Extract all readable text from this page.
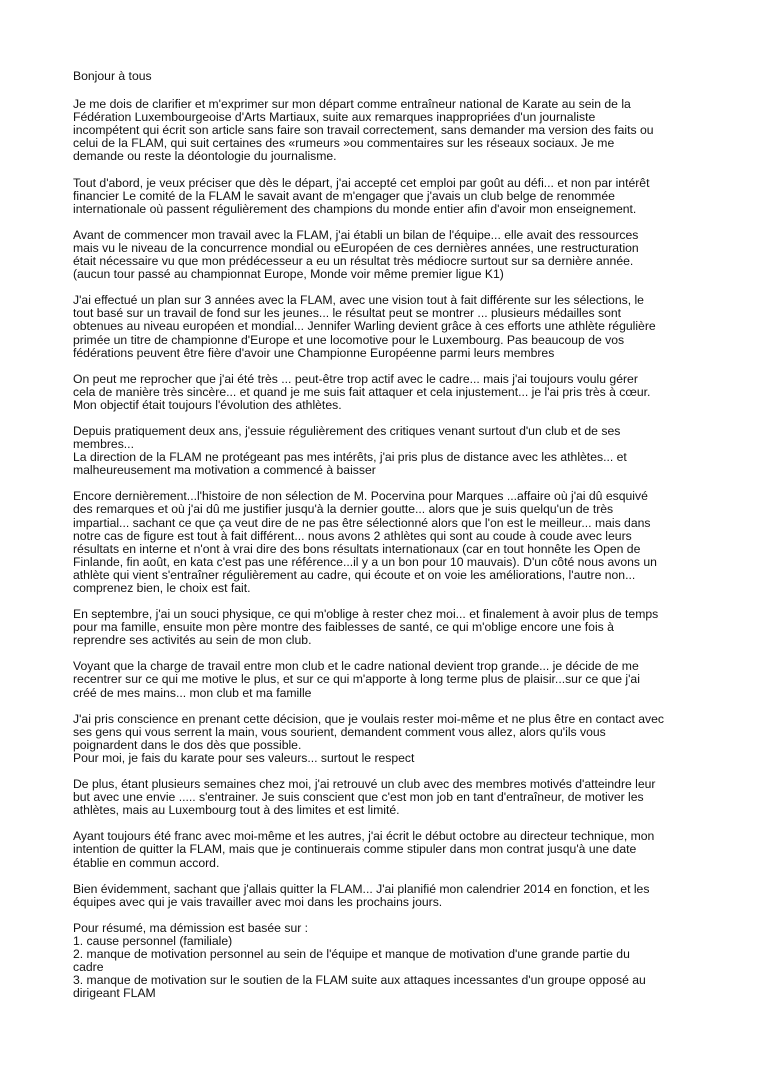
Bonjour à tous

Je me dois de clarifier et m'exprimer sur mon départ comme entraîneur national de Karate au sein de la
Fédération Luxembourgeoise d'Arts Martiaux, suite aux remarques inappropriées d'un journaliste
incompétent qui écrit son article sans faire son travail correctement, sans demander ma version des faits ou
celui de la FLAM, qui suit certaines des «rumeurs »ou commentaires sur les réseaux sociaux. Je me
demande ou reste la déontologie du journalisme.

Tout d'abord, je veux préciser que dès le départ, j'ai accepté cet emploi par goût au défi... et non par intérêt
financier Le comité de la FLAM le savait avant de m'engager que j'avais un club belge de renommée
internationale où passent régulièrement des champions du monde entier afin d'avoir mon enseignement.

Avant de commencer mon travail avec la FLAM, j'ai établi un bilan de l'équipe... elle avait des ressources
mais vu le niveau de la concurrence mondial ou eEuropéen de ces dernières années, une restructuration
était nécessaire vu que mon prédécesseur a eu un résultat très médiocre surtout sur sa dernière année.
(aucun tour passé au championnat Europe, Monde voir même premier ligue K1)

J'ai effectué un plan sur 3 années avec la FLAM, avec une vision tout à fait différente sur les sélections, le
tout basé sur un travail de fond sur les jeunes... le résultat peut se montrer ... plusieurs médailles sont
obtenues au niveau européen et mondial... Jennifer Warling devient grâce à ces efforts une athlète régulière
primée un titre de championne d'Europe et une locomotive pour le Luxembourg. Pas beaucoup de vos
fédérations peuvent être fière d'avoir une Championne Européenne parmi leurs membres

On peut me reprocher que j'ai été très ... peut-être trop actif avec le cadre... mais j'ai toujours voulu gérer
cela de manière très sincère... et quand je me suis fait attaquer et cela injustement... je l'ai pris très à cœur.
Mon objectif était toujours l'évolution des athlètes.

Depuis pratiquement deux ans, j'essuie régulièrement des critiques venant surtout d'un club et de ses
membres...
La direction de la FLAM ne protégeant pas mes intérêts, j'ai pris plus de distance avec les athlètes... et
malheureusement ma motivation a commencé à baisser

Encore dernièrement...l'histoire de non sélection de M. Pocervina pour Marques ...affaire où j'ai dû esquivé
des remarques et où j'ai dû me justifier jusqu'à la dernier goutte... alors que je suis quelqu'un de très
impartial... sachant ce que ça veut dire de ne pas être sélectionné alors que l'on est le meilleur... mais dans
notre cas de figure est tout à fait différent... nous avons 2 athlètes qui sont au coude à coude avec leurs
résultats en interne et n'ont à vrai dire des bons résultats internationaux (car en tout honnête les Open de
Finlande, fin août, en kata c'est pas une référence...il y a un bon pour 10 mauvais). D'un côté nous avons un
athlète qui vient s'entraîner régulièrement au cadre, qui écoute et on voie les améliorations, l'autre non...
comprenez bien, le choix est fait.

En septembre, j'ai un souci physique, ce qui m'oblige à rester chez moi... et finalement à avoir plus de temps
pour ma famille, ensuite mon père montre des faiblesses de santé, ce qui m'oblige encore une fois à
reprendre ses activités au sein de mon club.

Voyant que la charge de travail entre mon club et le cadre national devient trop grande... je décide de me
recentrer sur ce qui me motive le plus, et sur ce qui m'apporte à long terme plus de plaisir...sur ce que j'ai
créé de mes mains... mon club et ma famille

J'ai pris conscience en prenant cette décision, que je voulais rester moi-même et ne plus être en contact avec
ses gens qui vous serrent la main, vous sourient, demandent comment vous allez, alors qu'ils vous
poignardent dans le dos dès que possible.
Pour moi, je fais du karate pour ses valeurs... surtout le respect

De plus, étant plusieurs semaines chez moi, j'ai retrouvé un club avec des membres motivés d'atteindre leur
but avec une envie ..... s'entrainer. Je suis conscient que c'est mon job en tant d'entraîneur, de motiver les
athlètes, mais au Luxembourg tout à des limites et est limité.

Ayant toujours été franc avec moi-même et les autres, j'ai écrit le début octobre au directeur technique, mon
intention de quitter la FLAM, mais que je continuerais comme stipuler dans mon contrat jusqu'à une date
établie en commun accord.

Bien évidemment, sachant que j'allais quitter la FLAM... J'ai planifié mon calendrier 2014 en fonction, et les
équipes avec qui je vais travailler avec moi dans les prochains jours.

Pour résumé, ma démission est basée sur :
1. cause personnel (familiale)
2. manque de motivation personnel au sein de l'équipe et manque de motivation d'une grande partie du
cadre
3. manque de motivation sur le soutien de la FLAM suite aux attaques incessantes d'un groupe opposé au
dirigeant FLAM
